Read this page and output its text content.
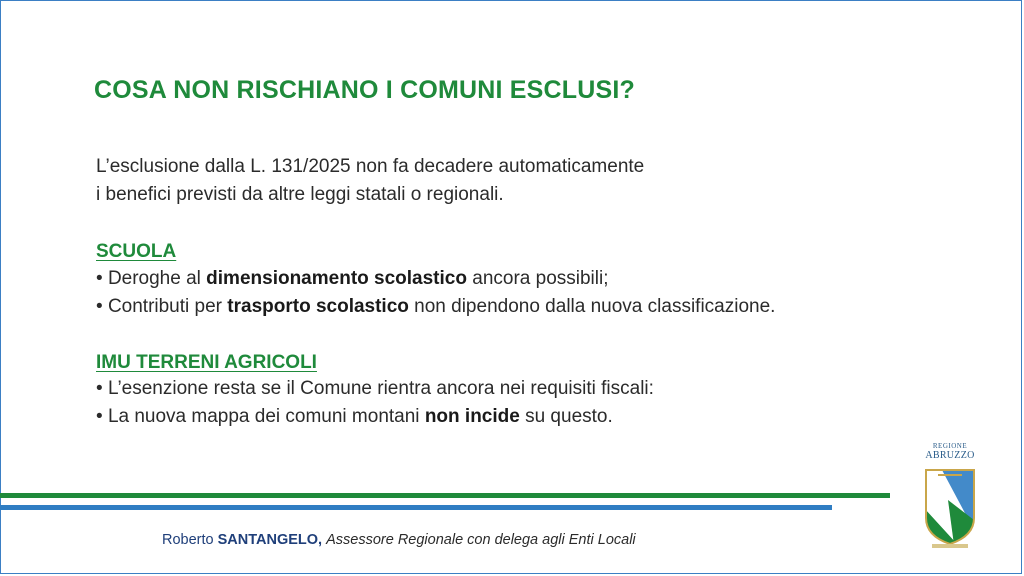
COSA NON RISCHIANO I COMUNI ESCLUSI?
L’esclusione dalla L. 131/2025 non fa decadere automaticamente
i benefici previsti da altre leggi statali o regionali.
SCUOLA
• Deroghe al dimensionamento scolastico ancora possibili;
• Contributi per trasporto scolastico non dipendono dalla nuova classificazione.
IMU TERRENI AGRICOLI
• L’esenzione resta se il Comune rientra ancora nei requisiti fiscali:
• La nuova mappa dei comuni montani non incide su questo.
Roberto SANTANGELO, Assessore Regionale con delega agli Enti Locali
REGIONE
ABRUZZO
